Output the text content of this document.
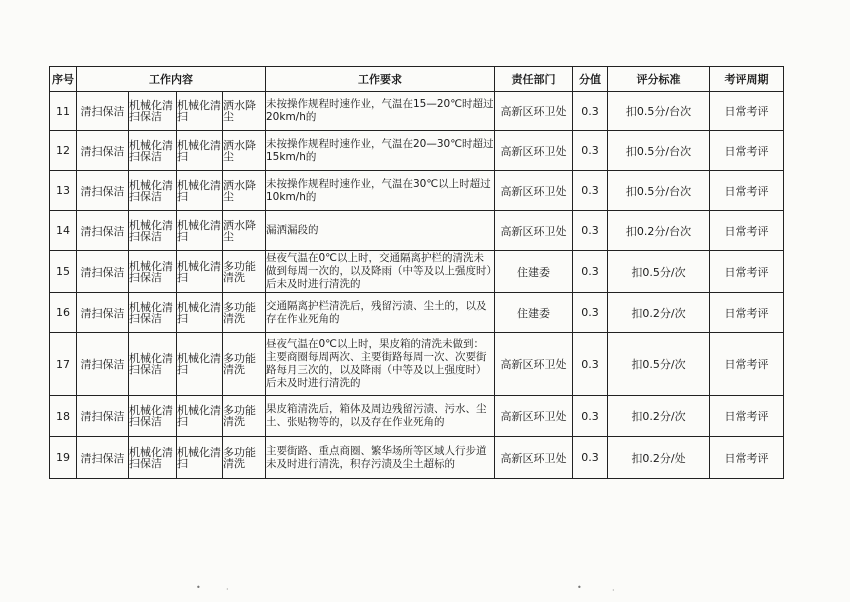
序号	工作内容				工作要求	责任部门	分值	评分标准	考评周期
11	清扫保洁	机械化清扫保洁	机械化清扫	洒水降尘	未按操作规程时速作业，气温在15—20℃时超过20km/h的	高新区环卫处	0.3	扣0.5分/台次	日常考评
12	清扫保洁	机械化清扫保洁	机械化清扫	洒水降尘	未按操作规程时速作业，气温在20—30℃时超过15km/h的	高新区环卫处	0.3	扣0.5分/台次	日常考评
13	清扫保洁	机械化清扫保洁	机械化清扫	洒水降尘	未按操作规程时速作业，气温在30℃以上时超过10km/h的	高新区环卫处	0.3	扣0.5分/台次	日常考评
14	清扫保洁	机械化清扫保洁	机械化清扫	洒水降尘	漏洒漏段的	高新区环卫处	0.3	扣0.2分/台次	日常考评
15	清扫保洁	机械化清扫保洁	机械化清扫	多功能清洗	昼夜气温在0℃以上时，交通隔离护栏的清洗未做到每周一次的，以及降雨（中等及以上强度时）后未及时进行清洗的	住建委	0.3	扣0.5分/次	日常考评
16	清扫保洁	机械化清扫保洁	机械化清扫	多功能清洗	交通隔离护栏清洗后，残留污渍、尘土的，以及存在作业死角的	住建委	0.3	扣0.2分/次	日常考评
17	清扫保洁	机械化清扫保洁	机械化清扫	多功能清洗	昼夜气温在0℃以上时，果皮箱的清洗未做到：主要商圈每周两次、主要街路每周一次、次要街路每月三次的，以及降雨（中等及以上强度时）后未及时进行清洗的	高新区环卫处	0.3	扣0.5分/次	日常考评
18	清扫保洁	机械化清扫保洁	机械化清扫	多功能清洗	果皮箱清洗后，箱体及周边残留污渍、污水、尘土、张贴物等的，以及存在作业死角的	高新区环卫处	0.3	扣0.2分/次	日常考评
19	清扫保洁	机械化清扫保洁	机械化清扫	多功能清洗	主要街路、重点商圈、繁华场所等区域人行步道未及时进行清洗，积存污渍及尘土超标的	高新区环卫处	0.3	扣0.2分/处	日常考评
•	·	•	·
